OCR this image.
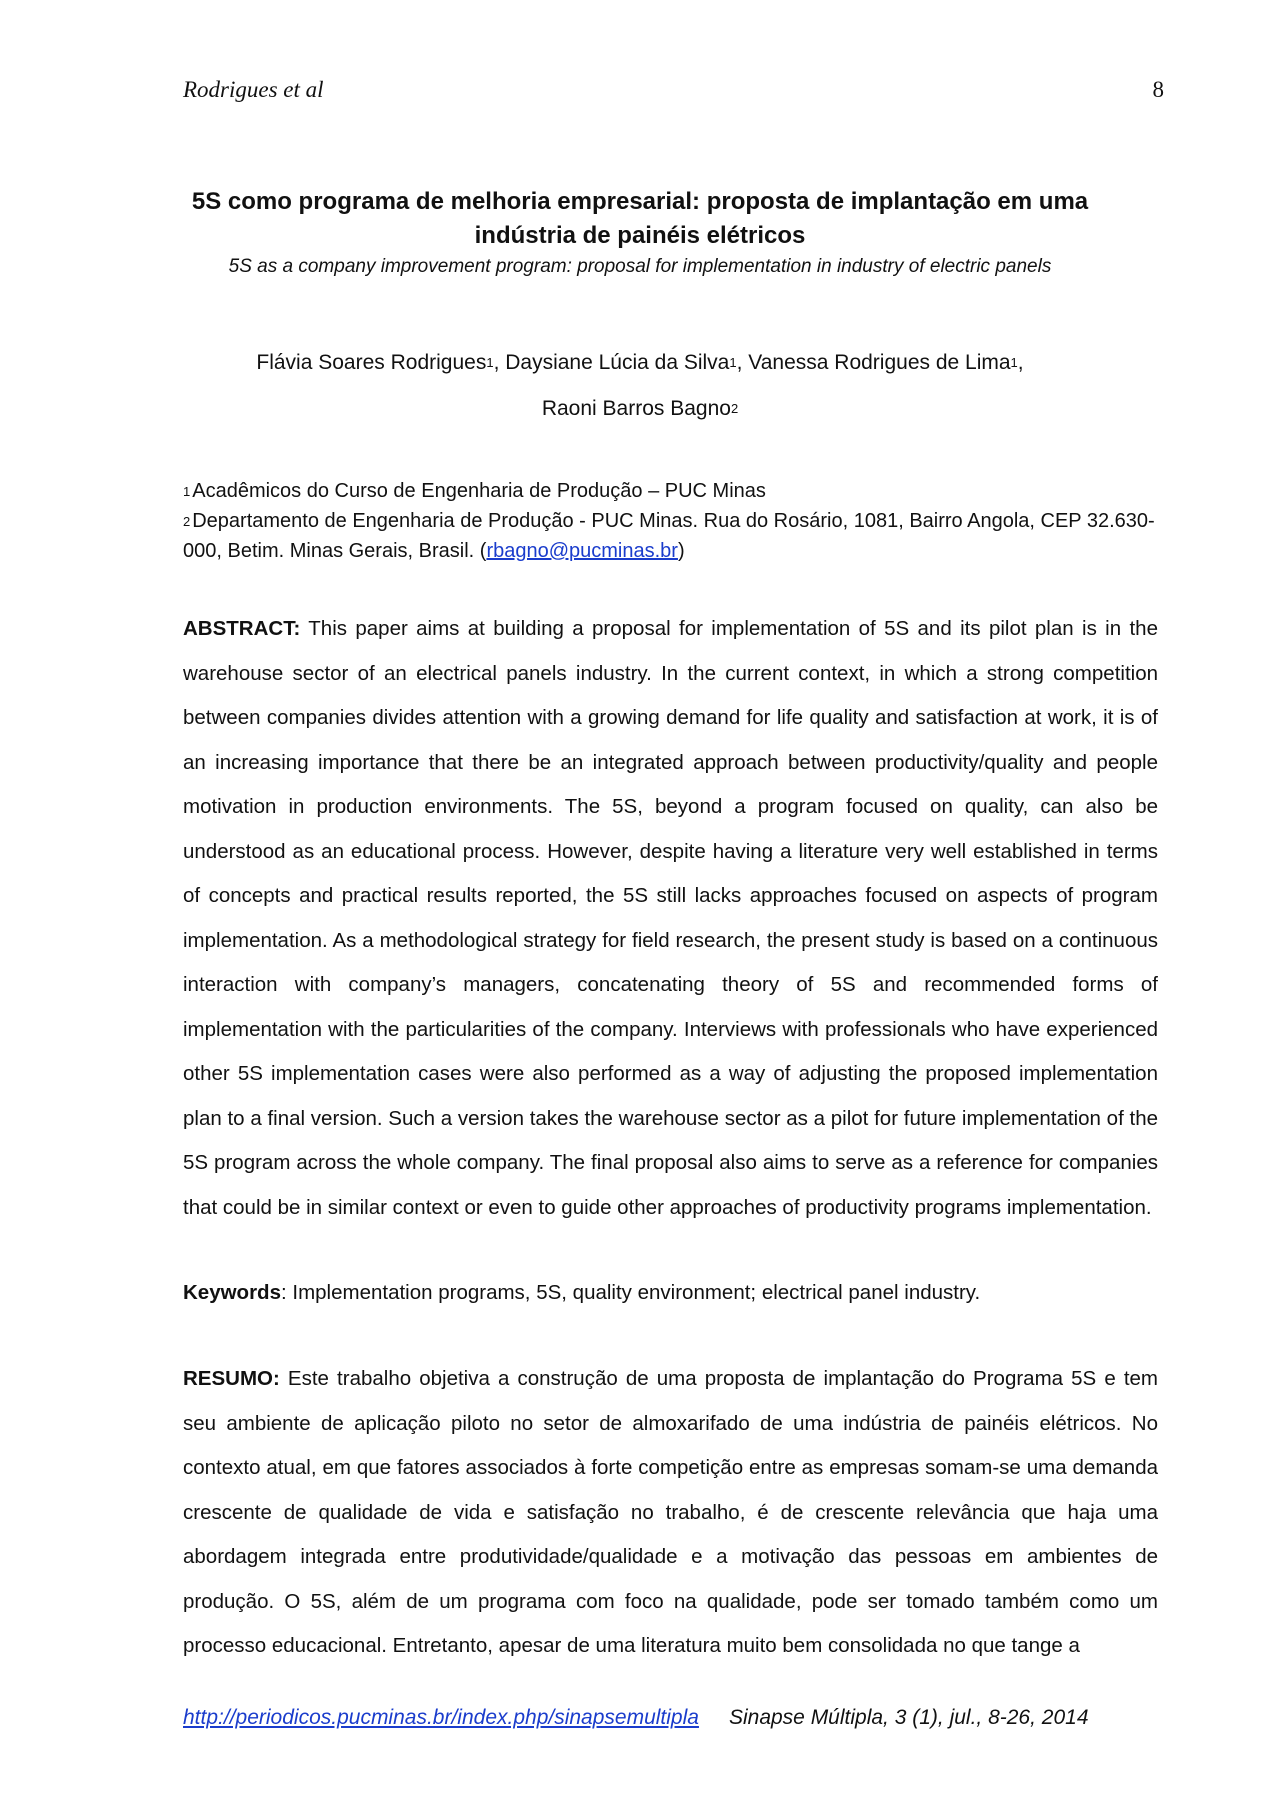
Rodrigues et al	8
5S como programa de melhoria empresarial: proposta de implantação em uma indústria de painéis elétricos
5S as a company improvement program: proposal for implementation in industry of electric panels
Flávia Soares Rodrigues$^1$, Daysiane Lúcia da Silva$^1$, Vanessa Rodrigues de Lima$^1$,
Raoni Barros Bagno$^2$
$^1$ Acadêmicos do Curso de Engenharia de Produção – PUC Minas
$^2$ Departamento de Engenharia de Produção - PUC Minas. Rua do Rosário, 1081, Bairro Angola, CEP 32.630-000, Betim. Minas Gerais, Brasil. (rbagno@pucminas.br)
ABSTRACT: This paper aims at building a proposal for implementation of 5S and its pilot plan is in the warehouse sector of an electrical panels industry. In the current context, in which a strong competition between companies divides attention with a growing demand for life quality and satisfaction at work, it is of an increasing importance that there be an integrated approach between productivity/quality and people motivation in production environments. The 5S, beyond a program focused on quality, can also be understood as an educational process. However, despite having a literature very well established in terms of concepts and practical results reported, the 5S still lacks approaches focused on aspects of program implementation. As a methodological strategy for field research, the present study is based on a continuous interaction with company’s managers, concatenating theory of 5S and recommended forms of implementation with the particularities of the company. Interviews with professionals who have experienced other 5S implementation cases were also performed as a way of adjusting the proposed implementation plan to a final version. Such a version takes the warehouse sector as a pilot for future implementation of the 5S program across the whole company. The final proposal also aims to serve as a reference for companies that could be in similar context or even to guide other approaches of productivity programs implementation.
Keywords: Implementation programs, 5S, quality environment; electrical panel industry.
RESUMO: Este trabalho objetiva a construção de uma proposta de implantação do Programa 5S e tem seu ambiente de aplicação piloto no setor de almoxarifado de uma indústria de painéis elétricos. No contexto atual, em que fatores associados à forte competição entre as empresas somam-se uma demanda crescente de qualidade de vida e satisfação no trabalho, é de crescente relevância que haja uma abordagem integrada entre produtividade/qualidade e a motivação das pessoas em ambientes de produção. O 5S, além de um programa com foco na qualidade, pode ser tomado também como um processo educacional. Entretanto, apesar de uma literatura muito bem consolidada no que tange a
http://periodicos.pucminas.br/index.php/sinapsemultipla Sinapse Múltipla, 3 (1), jul., 8-26, 2014
